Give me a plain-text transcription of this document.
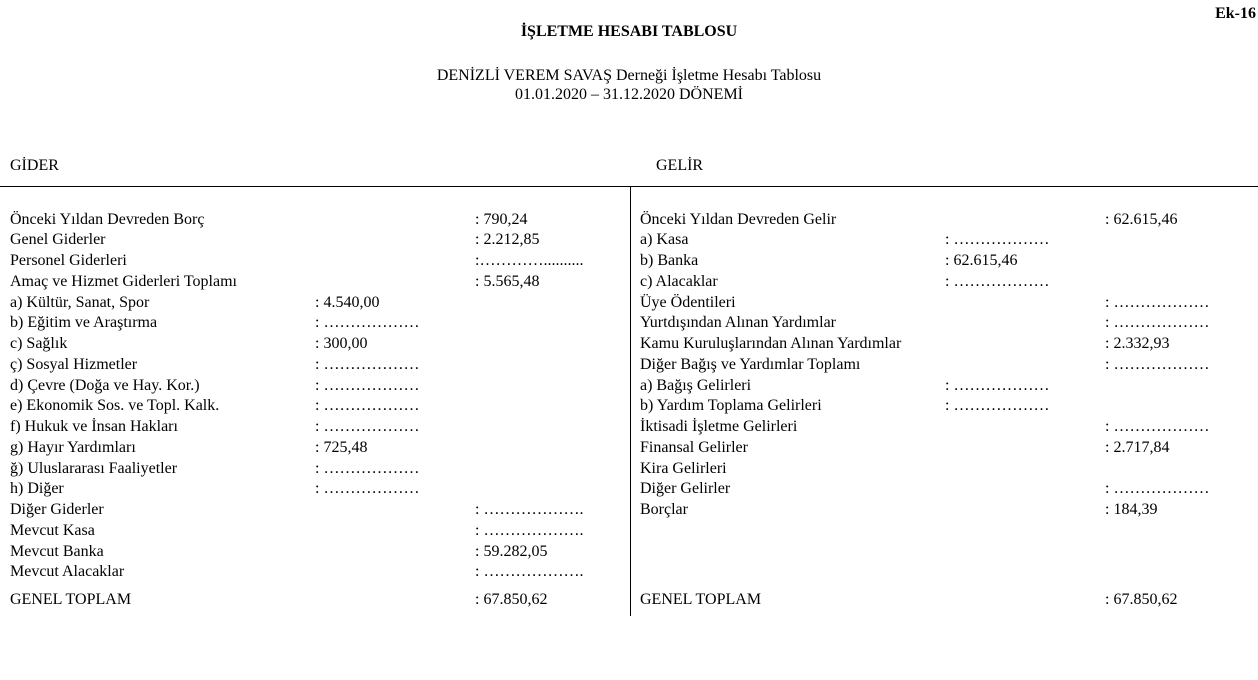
Ek-16
İŞLETME HESABI TABLOSU
DENİZLİ VEREM SAVAŞ Derneği İşletme Hesabı Tablosu
01.01.2020 – 31.12.2020 DÖNEMİ
GİDER	GELİR
Önceki Yıldan Devreden Borç	: 790,24
Genel Giderler	: 2.212,85
Personel Giderleri	:…………..........
Amaç ve Hizmet Giderleri Toplamı	: 5.565,48
a) Kültür, Sanat, Spor	: 4.540,00
b) Eğitim ve Araştırma	: ………………
c) Sağlık	: 300,00
ç) Sosyal Hizmetler	: ………………
d) Çevre (Doğa ve Hay. Kor.)	: ………………
e) Ekonomik Sos. ve Topl. Kalk.	: ………………
f) Hukuk ve İnsan Hakları	: ………………
g) Hayır Yardımları	: 725,48
ğ) Uluslararası Faaliyetler	: ………………
h) Diğer	: ………………
Diğer Giderler	: ……………….
Mevcut Kasa	: ……………….
Mevcut Banka	: 59.282,05
Mevcut Alacaklar	: ……………….
Önceki Yıldan Devreden Gelir	: 62.615,46
a) Kasa	: ………………
b) Banka	: 62.615,46
c) Alacaklar	: ………………
Üye Ödentileri	: ………………
Yurtdışından Alınan Yardımlar	: ………………
Kamu Kuruluşlarından Alınan Yardımlar	: 2.332,93
Diğer Bağış ve Yardımlar Toplamı	: ………………
a) Bağış Gelirleri	: ………………
b) Yardım Toplama Gelirleri	: ………………
İktisadi İşletme Gelirleri	: ………………
Finansal Gelirler	: 2.717,84
Kira Gelirleri
Diğer Gelirler	: ………………
Borçlar	: 184,39
GENEL TOPLAM	: 67.850,62	GENEL TOPLAM	: 67.850,62
